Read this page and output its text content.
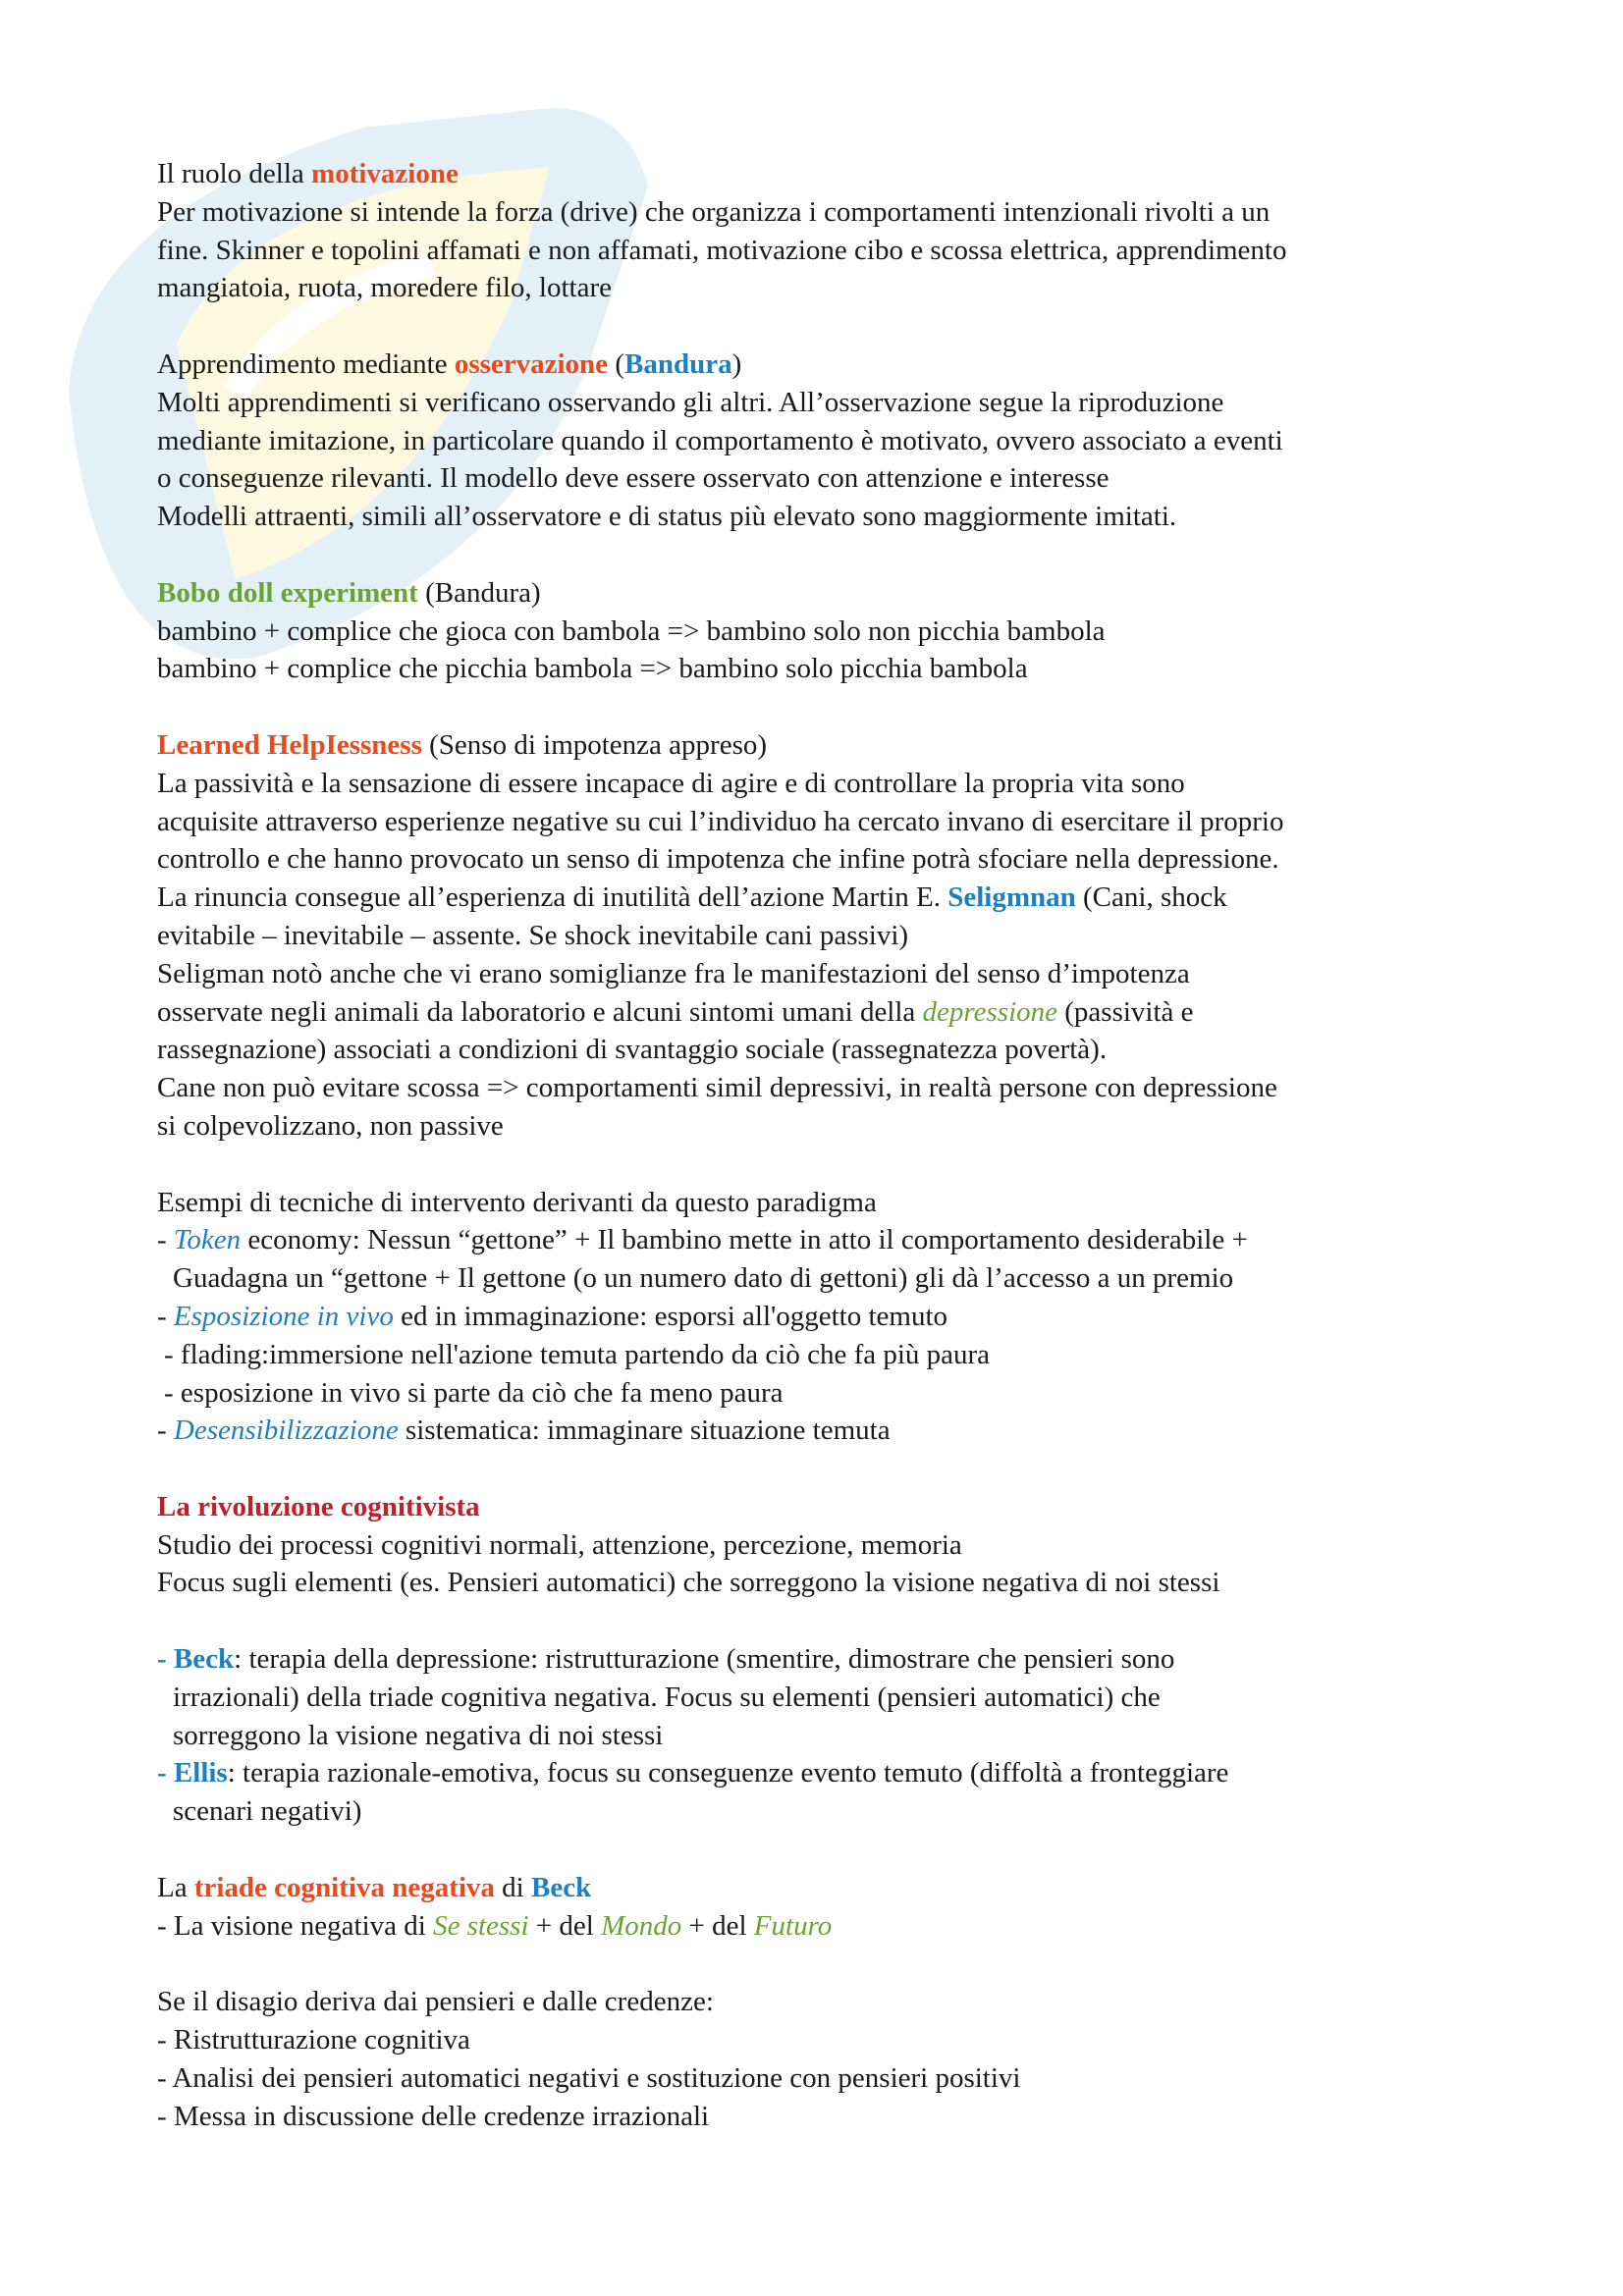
Il ruolo della motivazione
Per motivazione si intende la forza (drive) che organizza i comportamenti intenzionali rivolti a un
fine. Skinner e topolini affamati e non affamati, motivazione cibo e scossa elettrica, apprendimento
mangiatoia, ruota, moredere filo, lottare
Apprendimento mediante osservazione (Bandura)
Molti apprendimenti si verificano osservando gli altri. All’osservazione segue la riproduzione
mediante imitazione, in particolare quando il comportamento è motivato, ovvero associato a eventi
o conseguenze rilevanti. Il modello deve essere osservato con attenzione e interesse
Modelli attraenti, simili all’osservatore e di status più elevato sono maggiormente imitati.
Bobo doll experiment (Bandura)
bambino + complice che gioca con bambola => bambino solo non picchia bambola
bambino + complice che picchia bambola => bambino solo picchia bambola
Learned HelpIessness (Senso di impotenza appreso)
La passività e la sensazione di essere incapace di agire e di controllare la propria vita sono
acquisite attraverso esperienze negative su cui l’individuo ha cercato invano di esercitare il proprio
controllo e che hanno provocato un senso di impotenza che infine potrà sfociare nella depressione.
La rinuncia consegue all’esperienza di inutilità dell’azione Martin E. Seligmnan (Cani, shock
evitabile – inevitabile – assente. Se shock inevitabile cani passivi)
Seligman notò anche che vi erano somiglianze fra le manifestazioni del senso d’impotenza
osservate negli animali da laboratorio e alcuni sintomi umani della depressione (passività e
rassegnazione) associati a condizioni di svantaggio sociale (rassegnatezza povertà).
Cane non può evitare scossa => comportamenti simil depressivi, in realtà persone con depressione
si colpevolizzano, non passive
Esempi di tecniche di intervento derivanti da questo paradigma
- Token economy: Nessun “gettone” + Il bambino mette in atto il comportamento desiderabile +
Guadagna un “gettone + Il gettone (o un numero dato di gettoni) gli dà l’accesso a un premio
- Esposizione in vivo ed in immaginazione: esporsi all'oggetto temuto
- flading:immersione nell'azione temuta partendo da ciò che fa più paura
- esposizione in vivo si parte da ciò che fa meno paura
- Desensibilizzazione sistematica: immaginare situazione temuta
La rivoluzione cognitivista
Studio dei processi cognitivi normali, attenzione, percezione, memoria
Focus sugli elementi (es. Pensieri automatici) che sorreggono la visione negativa di noi stessi
- Beck: terapia della depressione: ristrutturazione (smentire, dimostrare che pensieri sono
irrazionali) della triade cognitiva negativa. Focus su elementi (pensieri automatici) che
sorreggono la visione negativa di noi stessi
- Ellis: terapia razionale-emotiva, focus su conseguenze evento temuto (diffoltà a fronteggiare
scenari negativi)
La triade cognitiva negativa di Beck
- La visione negativa di Se stessi + del Mondo + del Futuro
Se il disagio deriva dai pensieri e dalle credenze:
- Ristrutturazione cognitiva
- Analisi dei pensieri automatici negativi e sostituzione con pensieri positivi
- Messa in discussione delle credenze irrazionali
